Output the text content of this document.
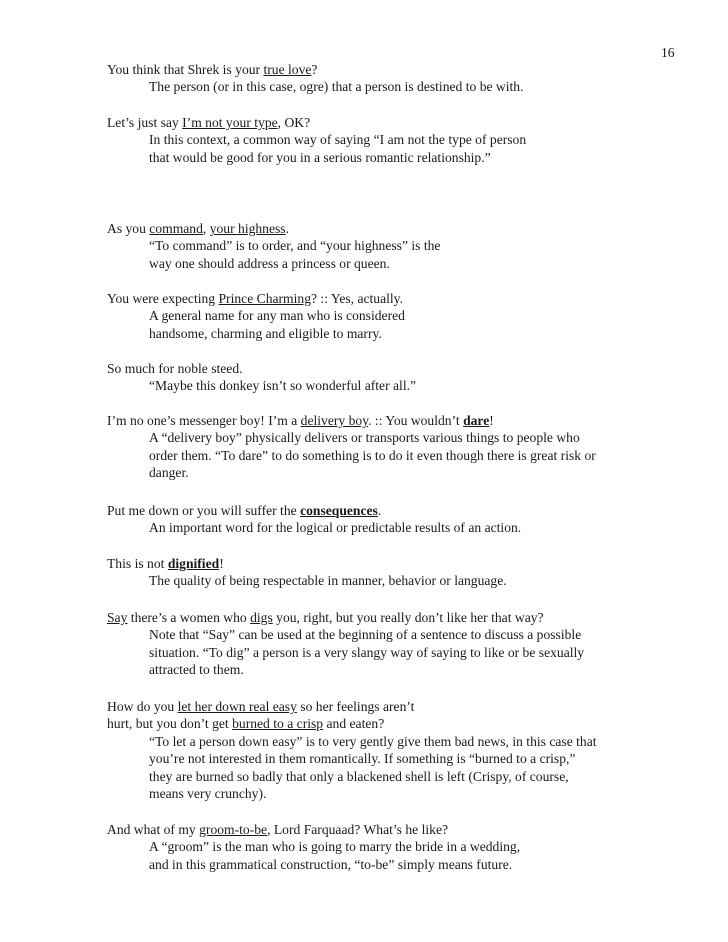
16
You think that Shrek is your true love?
The person (or in this case, ogre) that a person is destined to be with.
Let’s just say I’m not your type, OK?
In this context, a common way of saying “I am not the type of person
that would be good for you in a serious romantic relationship.”
As you command, your highness.
“To command” is to order, and “your highness” is the
way one should address a princess or queen.
You were expecting Prince Charming? :: Yes, actually.
A general name for any man who is considered
handsome, charming and eligible to marry.
So much for noble steed.
“Maybe this donkey isn’t so wonderful after all.”
I’m no one’s messenger boy! I’m a delivery boy. :: You wouldn’t dare!
A “delivery boy” physically delivers or transports various things to people who
order them. “To dare” to do something is to do it even though there is great risk or
danger.
Put me down or you will suffer the consequences.
An important word for the logical or predictable results of an action.
This is not dignified!
The quality of being respectable in manner, behavior or language.
Say there’s a women who digs you, right, but you really don’t like her that way?
Note that “Say” can be used at the beginning of a sentence to discuss a possible
situation. “To dig” a person is a very slangy way of saying to like or be sexually
attracted to them.
How do you let her down real easy so her feelings aren’t
hurt, but you don’t get burned to a crisp and eaten?
“To let a person down easy” is to very gently give them bad news, in this case that
you’re not interested in them romantically. If something is “burned to a crisp,”
they are burned so badly that only a blackened shell is left (Crispy, of course,
means very crunchy).
And what of my groom-to-be, Lord Farquaad? What’s he like?
A “groom” is the man who is going to marry the bride in a wedding,
and in this grammatical construction, “to-be” simply means future.
